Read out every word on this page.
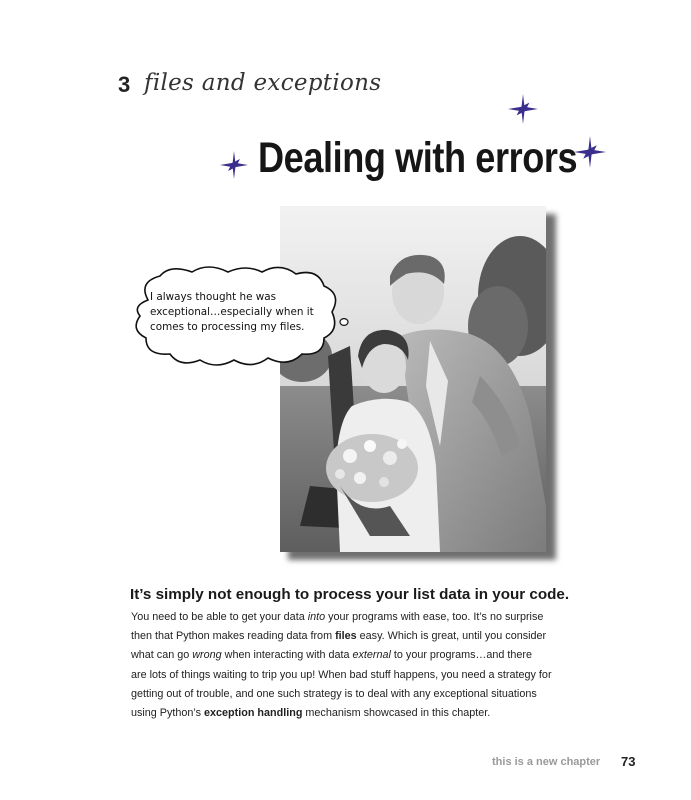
3 files and exceptions
Dealing with errors
I always thought he was exceptional…especially when it comes to processing my files.
It’s simply not enough to process your list data in your code.
You need to be able to get your data into your programs with ease, too. It’s no surprise
then that Python makes reading data from files easy. Which is great, until you consider
what can go wrong when interacting with data external to your programs…and there
are lots of things waiting to trip you up! When bad stuff happens, you need a strategy for
getting out of trouble, and one such strategy is to deal with any exceptional situations
using Python’s exception handling mechanism showcased in this chapter.
this is a new chapter 73
